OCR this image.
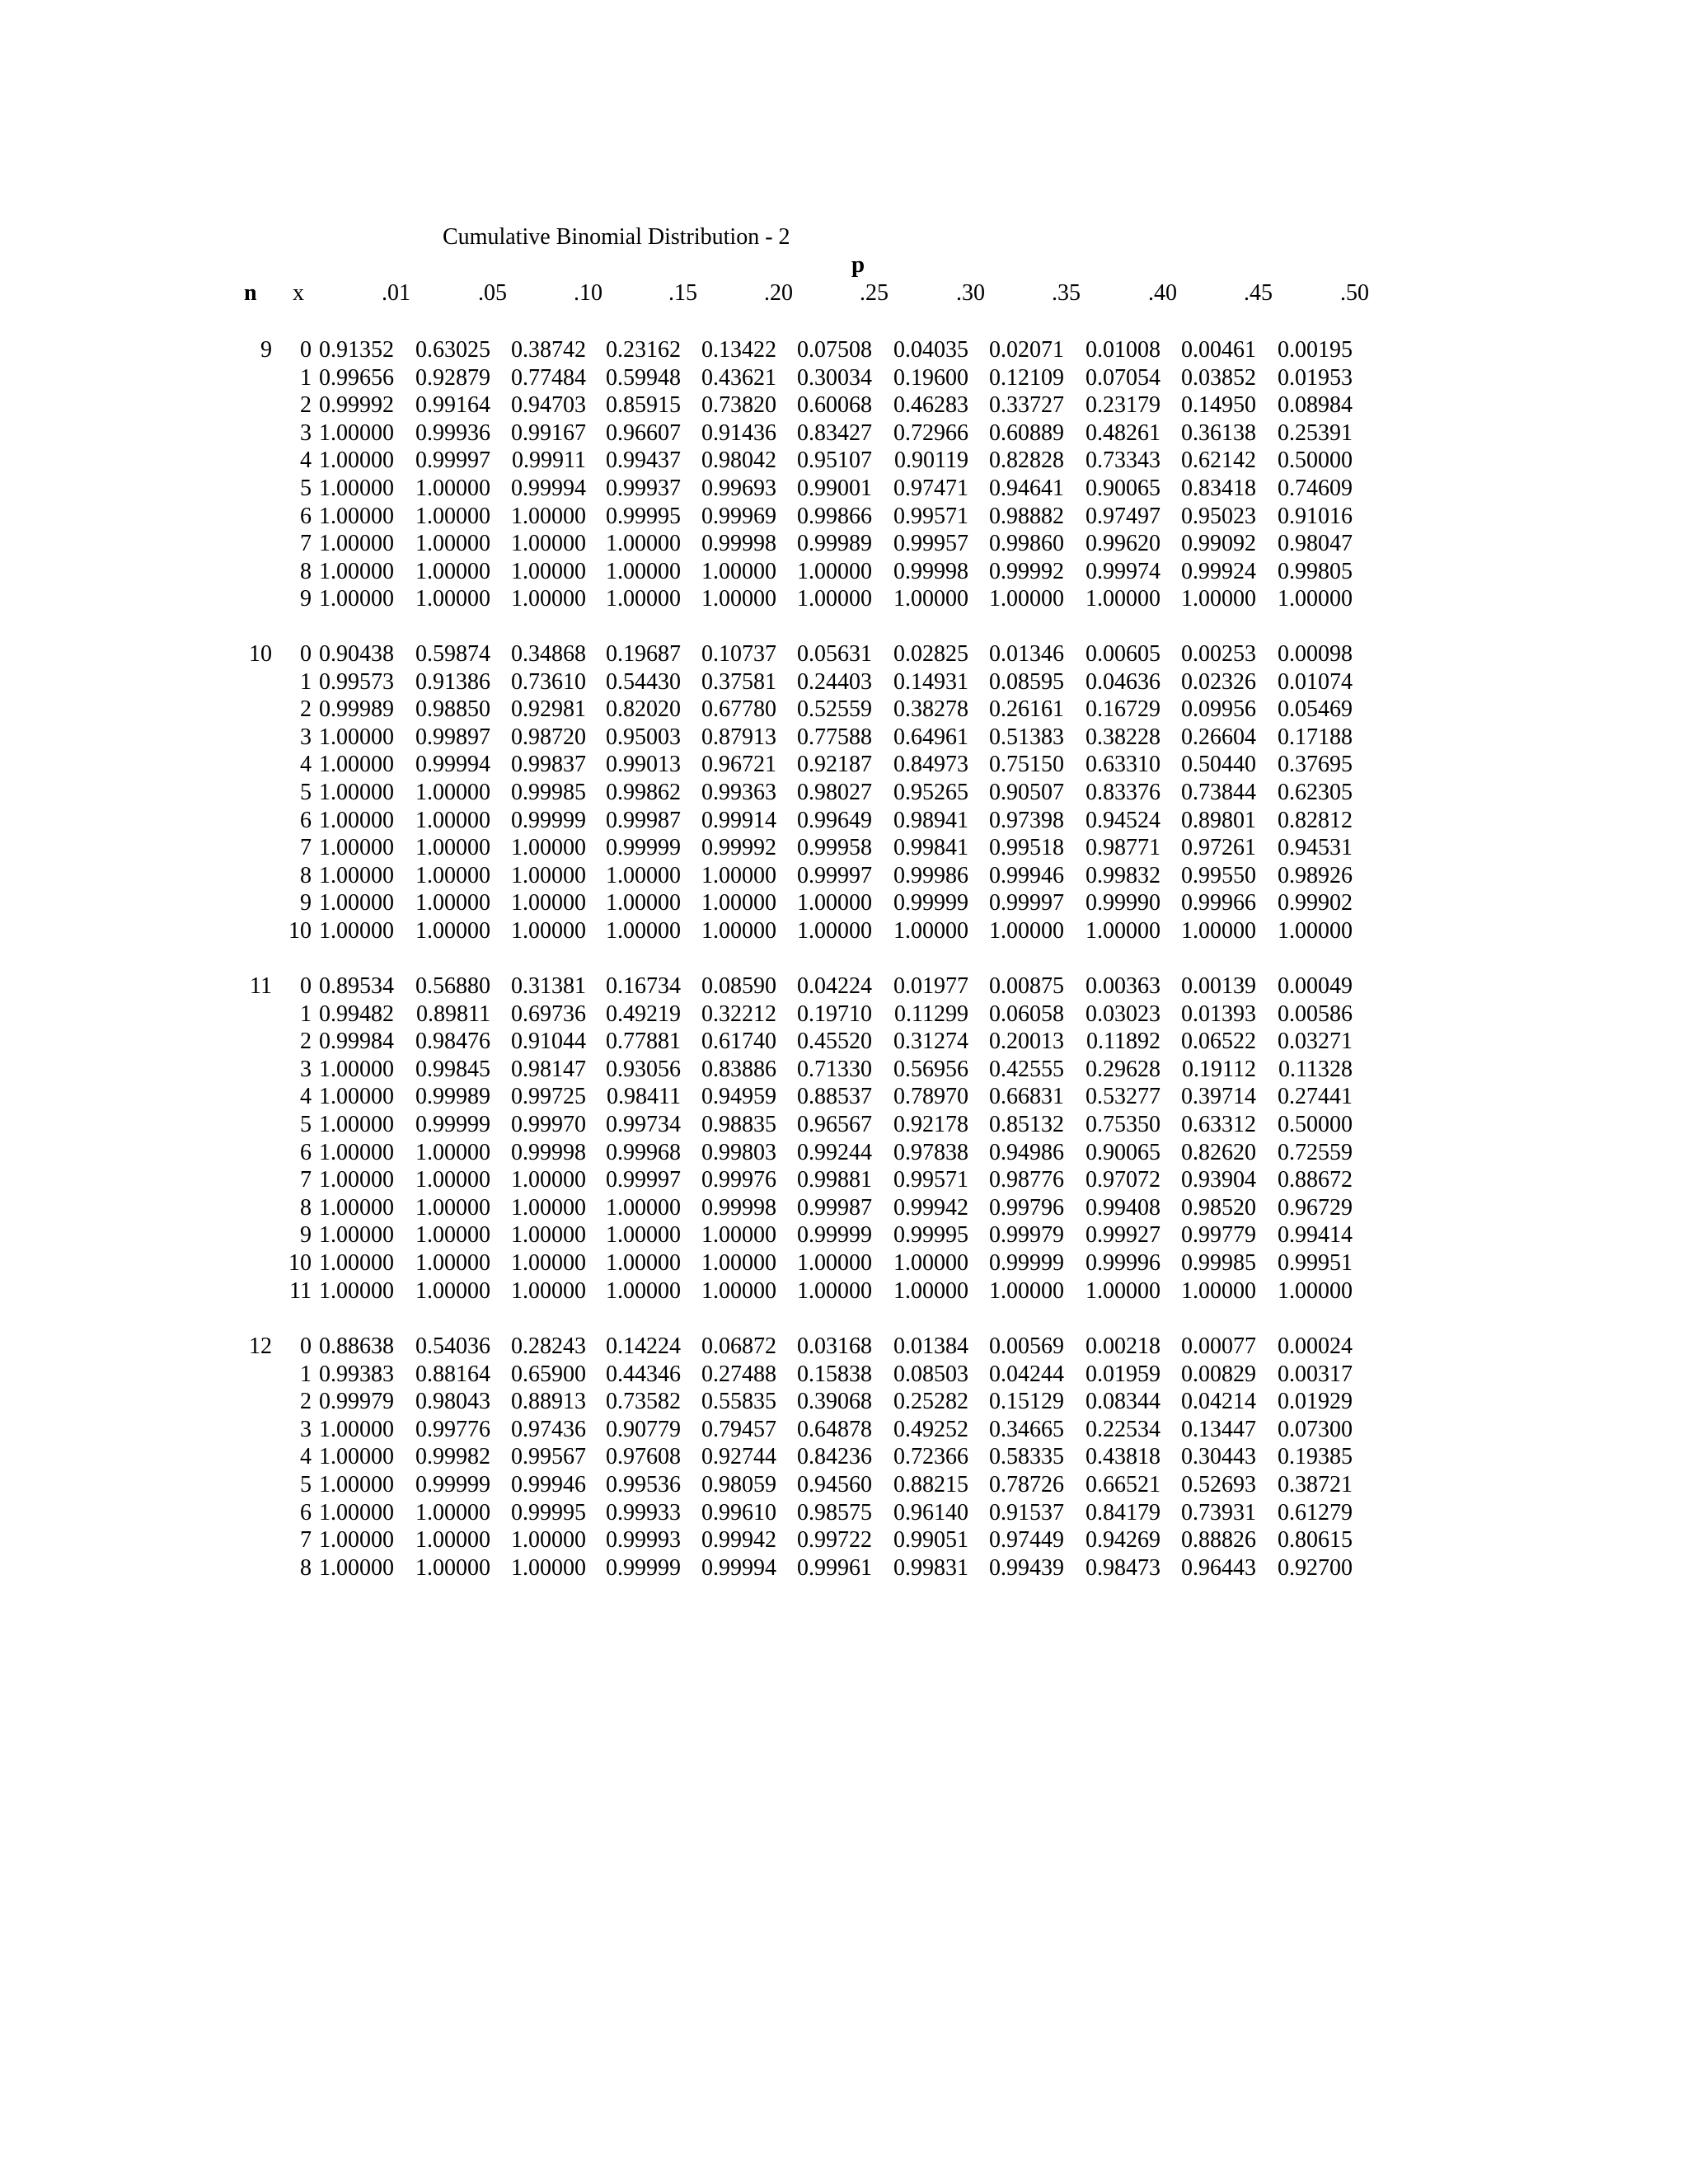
Cumulative Binomial Distribution - 2
p
n x	.01	.05	.10	.15	.20	.25	.30	.35	.40	.45	.50
9	0 0.91352 0.63025 0.38742 0.23162 0.13422 0.07508 0.04035 0.02071 0.01008 0.00461 0.00195
1 0.99656 0.92879 0.77484 0.59948 0.43621 0.30034 0.19600 0.12109 0.07054 0.03852 0.01953
2 0.99992 0.99164 0.94703 0.85915 0.73820 0.60068 0.46283 0.33727 0.23179 0.14950 0.08984
3 1.00000 0.99936 0.99167 0.96607 0.91436 0.83427 0.72966 0.60889 0.48261 0.36138 0.25391
4 1.00000 0.99997 0.99911 0.99437 0.98042 0.95107 0.90119 0.82828 0.73343 0.62142 0.50000
5 1.00000 1.00000 0.99994 0.99937 0.99693 0.99001 0.97471 0.94641 0.90065 0.83418 0.74609
6 1.00000 1.00000 1.00000 0.99995 0.99969 0.99866 0.99571 0.98882 0.97497 0.95023 0.91016
7 1.00000 1.00000 1.00000 1.00000 0.99998 0.99989 0.99957 0.99860 0.99620 0.99092 0.98047
8 1.00000 1.00000 1.00000 1.00000 1.00000 1.00000 0.99998 0.99992 0.99974 0.99924 0.99805
9 1.00000 1.00000 1.00000 1.00000 1.00000 1.00000 1.00000 1.00000 1.00000 1.00000 1.00000
10	0 0.90438 0.59874 0.34868 0.19687 0.10737 0.05631 0.02825 0.01346 0.00605 0.00253 0.00098
1 0.99573 0.91386 0.73610 0.54430 0.37581 0.24403 0.14931 0.08595 0.04636 0.02326 0.01074
2 0.99989 0.98850 0.92981 0.82020 0.67780 0.52559 0.38278 0.26161 0.16729 0.09956 0.05469
3 1.00000 0.99897 0.98720 0.95003 0.87913 0.77588 0.64961 0.51383 0.38228 0.26604 0.17188
4 1.00000 0.99994 0.99837 0.99013 0.96721 0.92187 0.84973 0.75150 0.63310 0.50440 0.37695
5 1.00000 1.00000 0.99985 0.99862 0.99363 0.98027 0.95265 0.90507 0.83376 0.73844 0.62305
6 1.00000 1.00000 0.99999 0.99987 0.99914 0.99649 0.98941 0.97398 0.94524 0.89801 0.82812
7 1.00000 1.00000 1.00000 0.99999 0.99992 0.99958 0.99841 0.99518 0.98771 0.97261 0.94531
8 1.00000 1.00000 1.00000 1.00000 1.00000 0.99997 0.99986 0.99946 0.99832 0.99550 0.98926
9 1.00000 1.00000 1.00000 1.00000 1.00000 1.00000 0.99999 0.99997 0.99990 0.99966 0.99902
10 1.00000 1.00000 1.00000 1.00000 1.00000 1.00000 1.00000 1.00000 1.00000 1.00000 1.00000
11	0 0.89534 0.56880 0.31381 0.16734 0.08590 0.04224 0.01977 0.00875 0.00363 0.00139 0.00049
1 0.99482 0.89811 0.69736 0.49219 0.32212 0.19710 0.11299 0.06058 0.03023 0.01393 0.00586
2 0.99984 0.98476 0.91044 0.77881 0.61740 0.45520 0.31274 0.20013 0.11892 0.06522 0.03271
3 1.00000 0.99845 0.98147 0.93056 0.83886 0.71330 0.56956 0.42555 0.29628 0.19112 0.11328
4 1.00000 0.99989 0.99725 0.98411 0.94959 0.88537 0.78970 0.66831 0.53277 0.39714 0.27441
5 1.00000 0.99999 0.99970 0.99734 0.98835 0.96567 0.92178 0.85132 0.75350 0.63312 0.50000
6 1.00000 1.00000 0.99998 0.99968 0.99803 0.99244 0.97838 0.94986 0.90065 0.82620 0.72559
7 1.00000 1.00000 1.00000 0.99997 0.99976 0.99881 0.99571 0.98776 0.97072 0.93904 0.88672
8 1.00000 1.00000 1.00000 1.00000 0.99998 0.99987 0.99942 0.99796 0.99408 0.98520 0.96729
9 1.00000 1.00000 1.00000 1.00000 1.00000 0.99999 0.99995 0.99979 0.99927 0.99779 0.99414
10 1.00000 1.00000 1.00000 1.00000 1.00000 1.00000 1.00000 0.99999 0.99996 0.99985 0.99951
11 1.00000 1.00000 1.00000 1.00000 1.00000 1.00000 1.00000 1.00000 1.00000 1.00000 1.00000
12	0 0.88638 0.54036 0.28243 0.14224 0.06872 0.03168 0.01384 0.00569 0.00218 0.00077 0.00024
1 0.99383 0.88164 0.65900 0.44346 0.27488 0.15838 0.08503 0.04244 0.01959 0.00829 0.00317
2 0.99979 0.98043 0.88913 0.73582 0.55835 0.39068 0.25282 0.15129 0.08344 0.04214 0.01929
3 1.00000 0.99776 0.97436 0.90779 0.79457 0.64878 0.49252 0.34665 0.22534 0.13447 0.07300
4 1.00000 0.99982 0.99567 0.97608 0.92744 0.84236 0.72366 0.58335 0.43818 0.30443 0.19385
5 1.00000 0.99999 0.99946 0.99536 0.98059 0.94560 0.88215 0.78726 0.66521 0.52693 0.38721
6 1.00000 1.00000 0.99995 0.99933 0.99610 0.98575 0.96140 0.91537 0.84179 0.73931 0.61279
7 1.00000 1.00000 1.00000 0.99993 0.99942 0.99722 0.99051 0.97449 0.94269 0.88826 0.80615
8 1.00000 1.00000 1.00000 0.99999 0.99994 0.99961 0.99831 0.99439 0.98473 0.96443 0.92700
